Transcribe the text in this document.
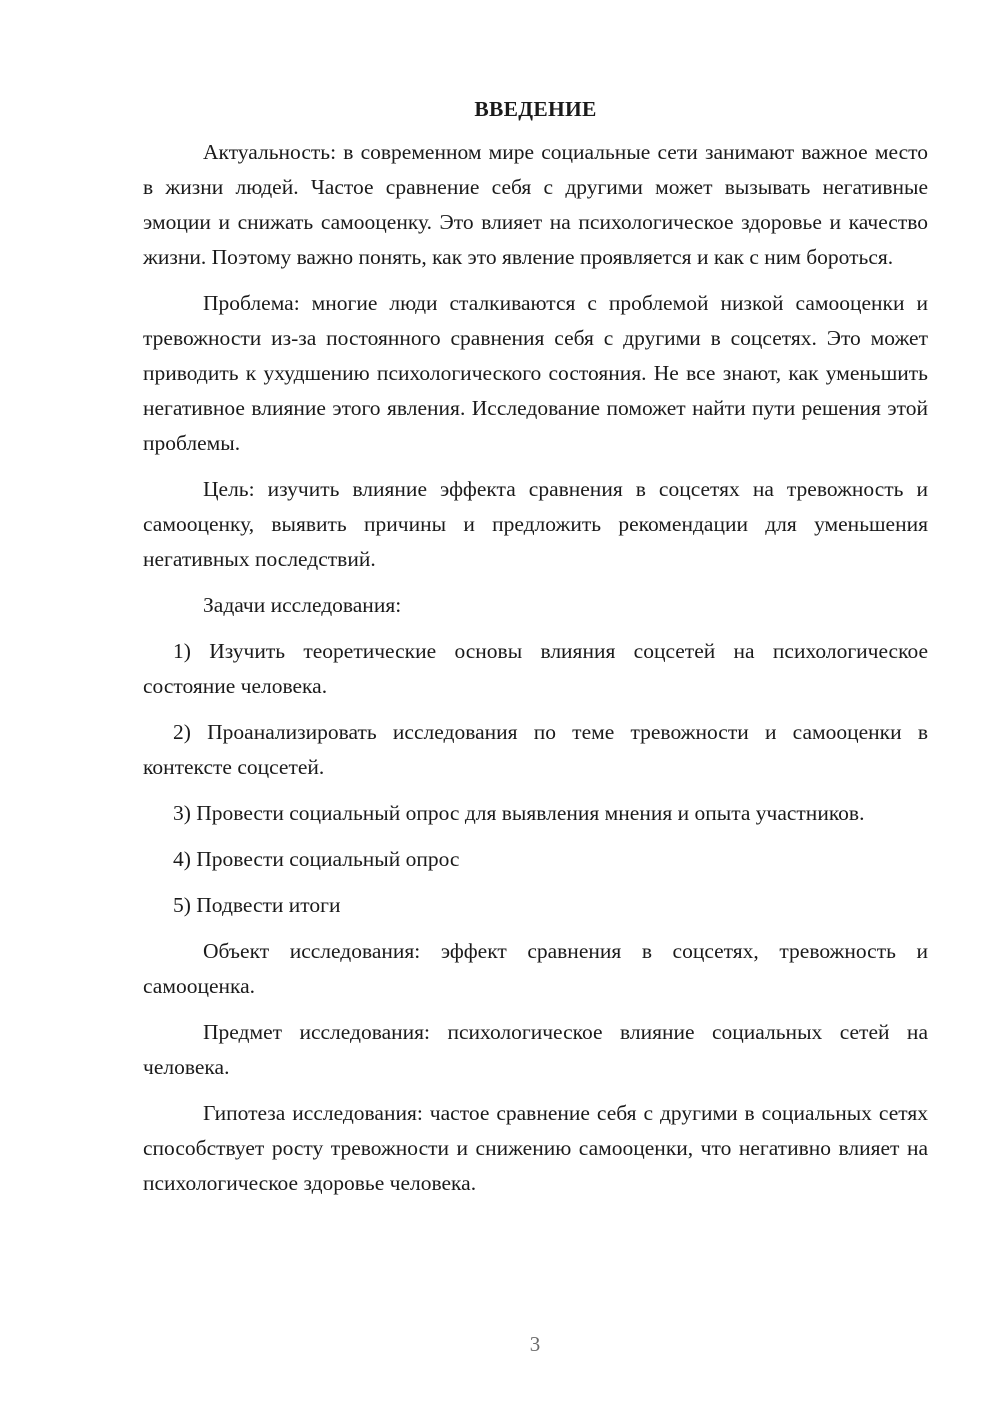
ВВЕДЕНИЕ

Актуальность: в современном мире социальные сети занимают важное место в жизни людей. Частое сравнение себя с другими может вызывать негативные эмоции и снижать самооценку. Это влияет на психологическое здоровье и качество жизни. Поэтому важно понять, как это явление проявляется и как с ним бороться.

Проблема: многие люди сталкиваются с проблемой низкой самооценки и тревожности из-за постоянного сравнения себя с другими в соцсетях. Это может приводить к ухудшению психологического состояния. Не все знают, как уменьшить негативное влияние этого явления. Исследование поможет найти пути решения этой проблемы.

Цель: изучить влияние эффекта сравнения в соцсетях на тревожность и самооценку, выявить причины и предложить рекомендации для уменьшения негативных последствий.

Задачи исследования:

1) Изучить теоретические основы влияния соцсетей на психологическое состояние человека.

2) Проанализировать исследования по теме тревожности и самооценки в контексте соцсетей.

3) Провести социальный опрос для выявления мнения и опыта участников.

4) Провести социальный опрос

5) Подвести итоги

Объект исследования: эффект сравнения в соцсетях, тревожность и самооценка.

Предмет исследования: психологическое влияние социальных сетей на человека.

Гипотеза исследования: частое сравнение себя с другими в социальных сетях способствует росту тревожности и снижению самооценки, что негативно влияет на психологическое здоровье человека.

3
